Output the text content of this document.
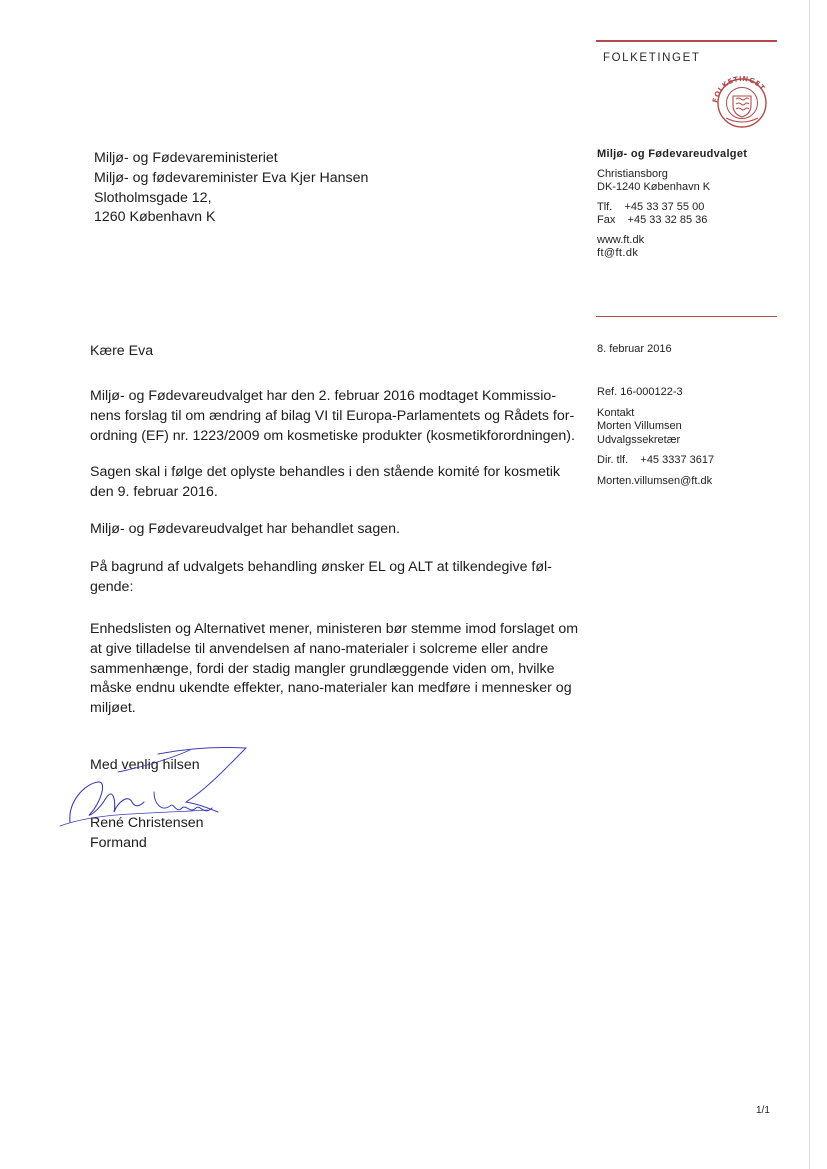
FOLKETINGET
FOLKETINGET
Miljø- og Fødevareministeriet
Miljø- og fødevareminister Eva Kjer Hansen
Slotholmsgade 12,
1260 København K
Miljø- og Fødevareudvalget
Christiansborg
DK-1240 København K
Tlf.    +45 33 37 55 00
Fax    +45 33 32 85 36
www.ft.dk
ft@ft.dk
8. februar 2016
Ref. 16-000122-3
Kontakt
Morten Villumsen
Udvalgssekretær
Dir. tlf.    +45 3337 3617
Morten.villumsen@ft.dk
Kære Eva
Miljø- og Fødevareudvalget har den 2. februar 2016 modtaget Kommissio-
nens forslag til om ændring af bilag VI til Europa-Parlamentets og Rådets for-
ordning (EF) nr. 1223/2009 om kosmetiske produkter (kosmetikforordningen).
Sagen skal i følge det oplyste behandles i den stående komité for kosmetik
den 9. februar 2016.
Miljø- og Fødevareudvalget har behandlet sagen.
På bagrund af udvalgets behandling ønsker EL og ALT at tilkendegive føl-
gende:
Enhedslisten og Alternativet mener, ministeren bør stemme imod forslaget om
at give tilladelse til anvendelsen af nano-materialer i solcreme eller andre
sammenhænge, fordi der stadig mangler grundlæggende viden om, hvilke
måske endnu ukendte effekter, nano-materialer kan medføre i mennesker og
miljøet.
Med venlig hilsen
René Christensen
Formand
1/1
